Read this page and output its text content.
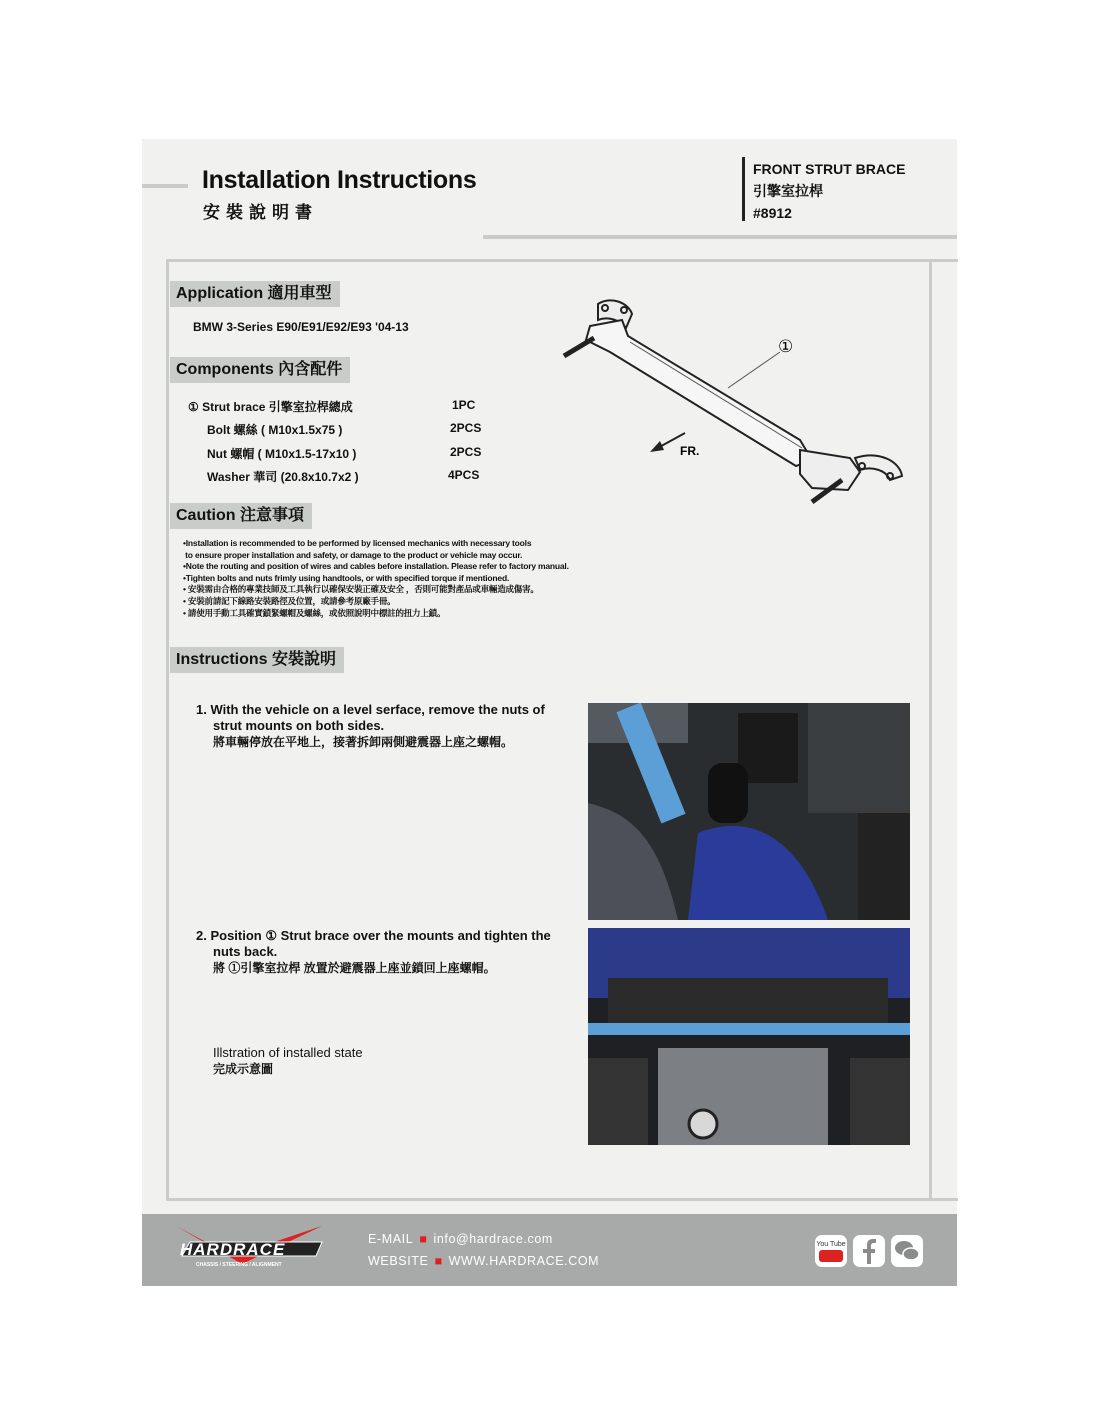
Installation Instructions
安裝說明書
FRONT STRUT BRACE
引擎室拉桿
#8912
Application 適用車型
BMW 3-Series E90/E91/E92/E93 '04-13
Components 內含配件
① Strut brace 引擎室拉桿總成	1PC
Bolt 螺絲 ( M10x1.5x75 )	2PCS
Nut 螺帽 ( M10x1.5-17x10 )	2PCS
Washer 華司 (20.8x10.7x2 )	4PCS
①
FR.
Caution 注意事項
•Installation is recommended to be performed by licensed mechanics with necessary tools
to ensure proper installation and safety, or damage to the product or vehicle may occur.
•Note the routing and position of wires and cables before installation. Please refer to factory manual.
•Tighten bolts and nuts frimly using handtools, or with specified torque if mentioned.
• 安裝需由合格的專業技師及工具執行以確保安裝正確及安全 ，否則可能對產品或車輛造成傷害。
• 安裝前請記下線路安裝路徑及位置，或請參考原廠手冊。
• 請使用手動工具確實鎖緊螺帽及螺絲，或依照說明中標註的扭力上鎖。
Instructions 安裝說明
1. With the vehicle on a level serface, remove the nuts of
strut mounts on both sides.
將車輛停放在平地上，接著拆卸兩側避震器上座之螺帽。
2. Position ① Strut brace over the mounts and tighten the
nuts back.
將 ①引擎室拉桿 放置於避震器上座並鎖回上座螺帽。
Illstration of installed state
完成示意圖
HARDRACE
CHASSIS / STEERING / ALIGNMENT
E-MAIL ■ info@hardrace.com
WEBSITE ■ WWW.HARDRACE.COM
You Tube
